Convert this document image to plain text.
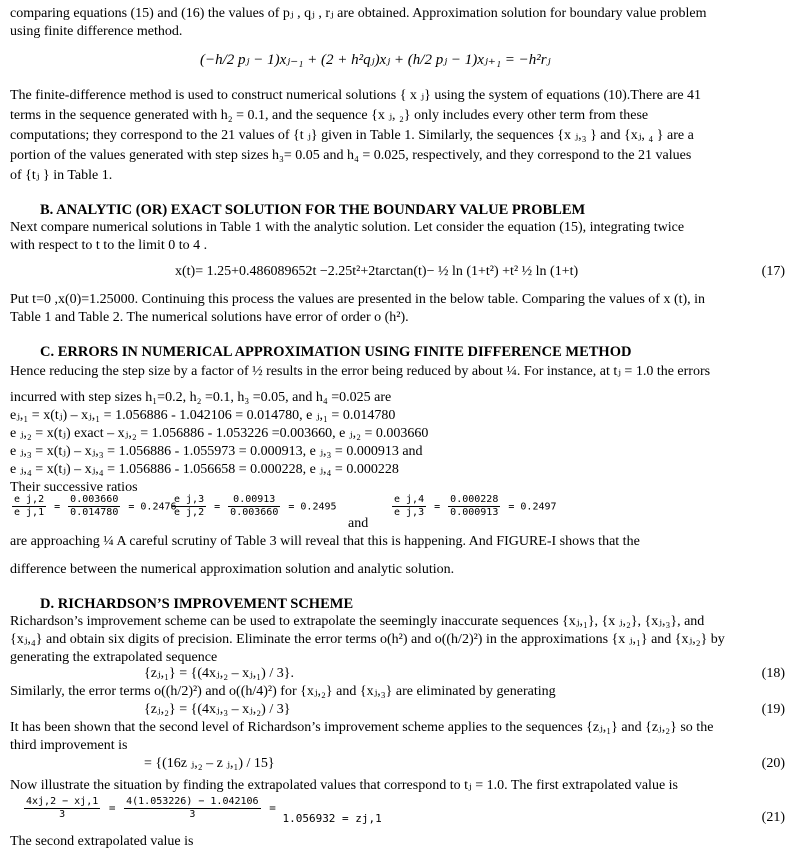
comparing equations (15) and (16) the values of pⱼ , qⱼ , rⱼ are obtained. Approximation solution for boundary value problem
using finite difference method.
(−h/2 pⱼ − 1)xⱼ₋₁ + (2 + h²qⱼ)xⱼ + (h/2 pⱼ − 1)xⱼ₊₁ = −h²rⱼ
The finite-difference method is used to construct numerical solutions { x ⱼ} using the system of equations (10).There are 41
terms in the sequence generated with h₂ = 0.1, and the sequence {x ⱼ, ₂} only includes every other term from these
computations; they correspond to the 21 values of {t ⱼ} given in Table 1. Similarly, the sequences {x ⱼ,₃ } and {xⱼ, ₄ } are a
portion of the values generated with step sizes h₃= 0.05 and h₄ = 0.025, respectively, and they correspond to the 21 values
of {tⱼ } in Table 1.
B. ANALYTIC (OR) EXACT SOLUTION FOR THE BOUNDARY VALUE PROBLEM
Next compare numerical solutions in Table 1 with the analytic solution. Let consider the equation (15), integrating twice
with respect to t to the limit 0 to 4 .
x(t)= 1.25+0.486089652t −2.25t²+2tarctan(t)− ½ ln (1+t²) +t² ½ ln (1+t)	(17)
Put t=0 ,x(0)=1.25000. Continuing this process the values are presented in the below table. Comparing the values of x (t), in
Table 1 and Table 2. The numerical solutions have error of order o (h²).
C. ERRORS IN NUMERICAL APPROXIMATION USING FINITE DIFFERENCE METHOD
Hence reducing the step size by a factor of ½ results in the error being reduced by about ¼. For instance, at tⱼ = 1.0 the errors
incurred with step sizes h₁=0.2, h₂ =0.1, h₃ =0.05, and h₄ =0.025 are
eⱼ,₁ = x(tⱼ) – xⱼ,₁ = 1.056886 - 1.042106 = 0.014780, e ⱼ,₁ = 0.014780
e ⱼ,₂ = x(tⱼ) exact – xⱼ,₂ = 1.056886 - 1.053226 =0.003660, e ⱼ,₂ = 0.003660
e ⱼ,₃ = x(tⱼ) – xⱼ,₃ = 1.056886 - 1.055973 = 0.000913, e ⱼ,₃ = 0.000913 and
e ⱼ,₄ = x(tⱼ) – xⱼ,₄ = 1.056886 - 1.056658 = 0.000228, e ⱼ,₄ = 0.000228
Their successive ratios
$\frac{\text{e j,2}}{\text{e j,1}} = \frac{0.003660}{0.014780} = 0.2476$
$\frac{\text{e j,3}}{\text{e j,2}} = \frac{0.00913}{0.003660} = 0.2495$
and
$\frac{\text{e j,4}}{\text{e j,3}} = \frac{0.000228}{0.000913} = 0.2497$
are approaching ¼ A careful scrutiny of Table 3 will reveal that this is happening. And FIGURE-I shows that the
difference between the numerical approximation solution and analytic solution.
D. RICHARDSON’S IMPROVEMENT SCHEME
Richardson’s improvement scheme can be used to extrapolate the seemingly inaccurate sequences {xⱼ,₁}, {x ⱼ,₂}, {xⱼ,₃}, and
{xⱼ,₄} and obtain six digits of precision. Eliminate the error terms o(h²) and o((h/2)²) in the approximations {x ⱼ,₁} and {xⱼ,₂} by
generating the extrapolated sequence
{zⱼ,₁} = {(4xⱼ,₂ – xⱼ,₁) / 3}.	(18)
Similarly, the error terms o((h/2)²) and o((h/4)²) for {xⱼ,₂} and {xⱼ,₃} are eliminated by generating
{zⱼ,₂} = {(4xⱼ,₃ – xⱼ,₂) / 3}	(19)
It has been shown that the second level of Richardson’s improvement scheme applies to the sequences {zⱼ,₁} and {zⱼ,₂} so the
third improvement is
= {(16z ⱼ,₂ – z ⱼ,₁) / 15}	(20)
Now illustrate the situation by finding the extrapolated values that correspond to tⱼ = 1.0. The first extrapolated value is
$\frac{4xj,2 - xj,1}{3} = \frac{4(1.053226) - 1.042106}{3} = 1.056932 = zj,1$	(21)
The second extrapolated value is
